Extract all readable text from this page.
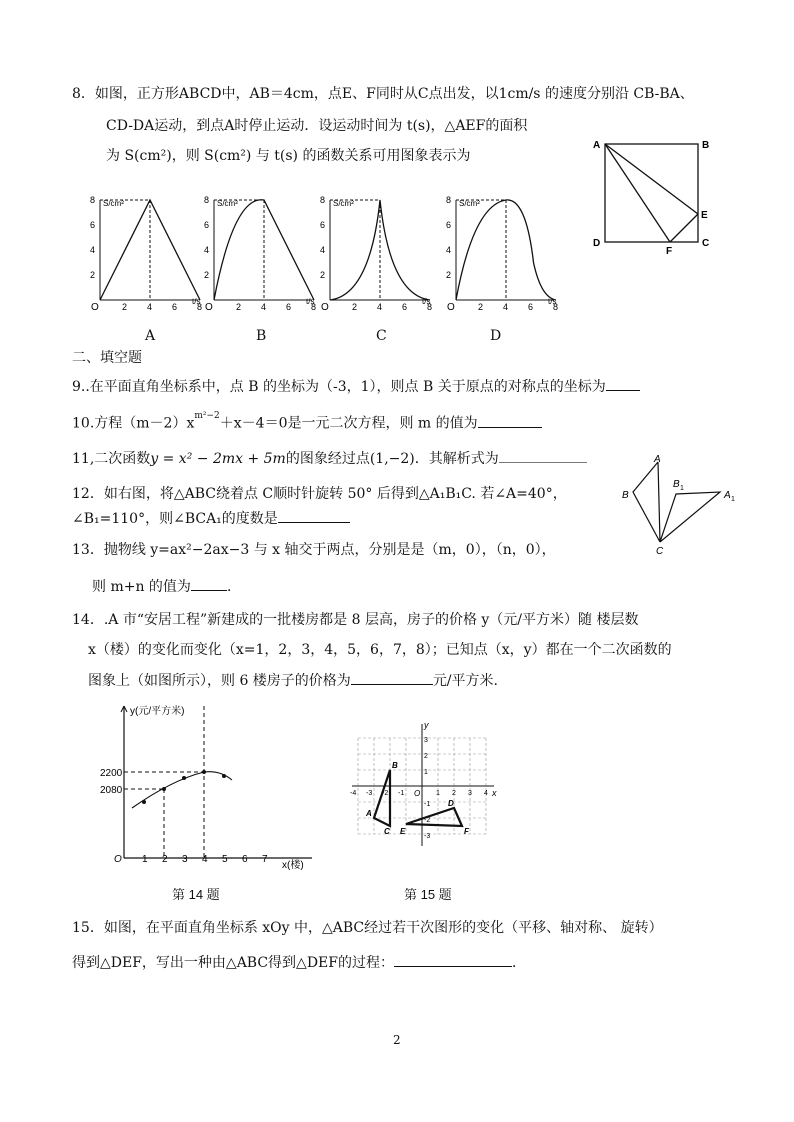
8．如图，正方形ABCD中，AB＝4cm，点E、F同时从C点出发，以1cm/s 的速度分别沿 CB-BA、
CD-DA运动，到点A时停止运动．设运动时间为 t(s)，△AEF的面积
为 S(cm²)，则 S(cm²) 与 t(s) 的函数关系可用图象表示为
A	B
C
D
E
F
S/cm²
t/s
8
6
4
2
O	2 4 6 8
A
S/cm²
t/s
8
6
4
2
O	2 4 6 8
B
S/cm²
t/s
8
6
4
2
O	2 4 6 8
C
S/cm²
t/s
8
6
4
2
O	2 4 6 8
D
二、填空题
9..在平面直角坐标系中，点 B 的坐标为（-3，1），则点 B 关于原点的对称点的坐标为
10.方程$(m-2)x^{m^2-2}+x-4=0$是一元二次方程，则 m 的值为
11,二次函数y = x² − 2mx + 5m的图象经过点(1,−2)．其解析式为	A
B
C
B 1
A 1
12．如右图，将△ABC绕着点 C顺时针旋转 50° 后得到△A₁B₁C. 若∠A=40°，
∠B₁=110°，则∠BCA₁的度数是
13．抛物线 y=ax²−2ax−3 与 x 轴交于两点，分别是是（m，0），（n，0），
则 m+n 的值为	．
14．.A 市“安居工程”新建成的一批楼房都是 8 层高，房子的价格 y（元/平方米）随 楼层数
x（楼）的变化而变化（x=1，2，3，4，5，6，7，8）；已知点（x，y）都在一个二次函数的
图象上（如图所示），则 6 楼房子的价格为	元/平方米.
y(元/平方米)
x(楼)
O
2200
2080
1 2 3 4 5 6 7
第 14 题
y
x
O
3
2
1
-1
-2
-3
-4 -3 -2 -1	1 2 3 4
B
A
C
D
E	F
第 15 题
15．如图，在平面直角坐标系 xOy 中，△ABC经过若干次图形的变化（平移、轴对称、 旋转）
得到△DEF，写出一种由△ABC得到△DEF的过程：	．
2
